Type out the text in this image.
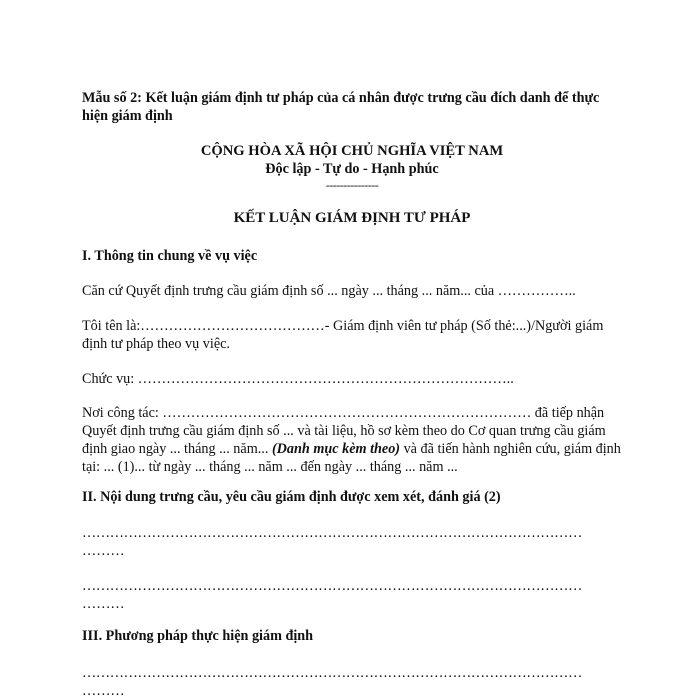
Mẫu số 2: Kết luận giám định tư pháp của cá nhân được trưng cầu đích danh để thực hiện giám định

CỘNG HÒA XÃ HỘI CHỦ NGHĨA VIỆT NAM

Độc lập - Tự do - Hạnh phúc

---------------

KẾT LUẬN GIÁM ĐỊNH TƯ PHÁP

I. Thông tin chung về vụ việc

Căn cứ Quyết định trưng cầu giám định số ... ngày ... tháng ... năm... của ……………..

Tôi tên là:…………………………………- Giám định viên tư pháp (Số thẻ:...)/Người giám định tư pháp theo vụ việc.

Chức vụ: ……………………………………………………………………..

Nơi công tác: …………………………………………………………………… đã tiếp nhận Quyết định trưng cầu giám định số ... và tài liệu, hồ sơ kèm theo do Cơ quan trưng cầu giám định giao ngày ... tháng ... năm... (Danh mục kèm theo) và đã tiến hành nghiên cứu, giám định tại: ... (1)... từ ngày ... tháng ... năm ... đến ngày ... tháng ... năm ...

II. Nội dung trưng cầu, yêu cầu giám định được xem xét, đánh giá (2)

………………………………………………………………………………………………
………
………………………………………………………………………………………………
………

III. Phương pháp thực hiện giám định

………………………………………………………………………………………………
………
